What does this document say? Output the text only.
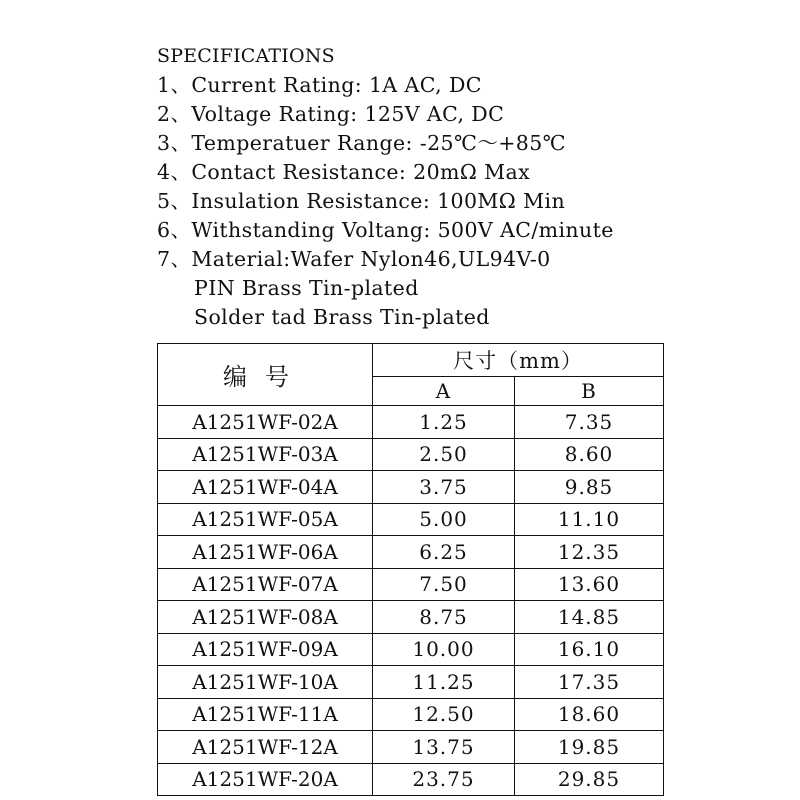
SPECIFICATIONS
1、Current Rating: 1A AC, DC
2、Voltage Rating: 125V AC, DC
3、Temperatuer Range: -25℃～+85℃
4、Contact Resistance: 20mΩ Max
5、Insulation Resistance: 100MΩ Min
6、Withstanding Voltang: 500V AC/minute
7、Material:Wafer Nylon46,UL94V-0
PIN Brass Tin-plated
Solder tad Brass Tin-plated
编号	尺寸（mm）	
	A	B
A1251WF-02A	1.25	7.35
A1251WF-03A	2.50	8.60
A1251WF-04A	3.75	9.85
A1251WF-05A	5.00	11.10
A1251WF-06A	6.25	12.35
A1251WF-07A	7.50	13.60
A1251WF-08A	8.75	14.85
A1251WF-09A	10.00	16.10
A1251WF-10A	11.25	17.35
A1251WF-11A	12.50	18.60
A1251WF-12A	13.75	19.85
A1251WF-20A	23.75	29.85
